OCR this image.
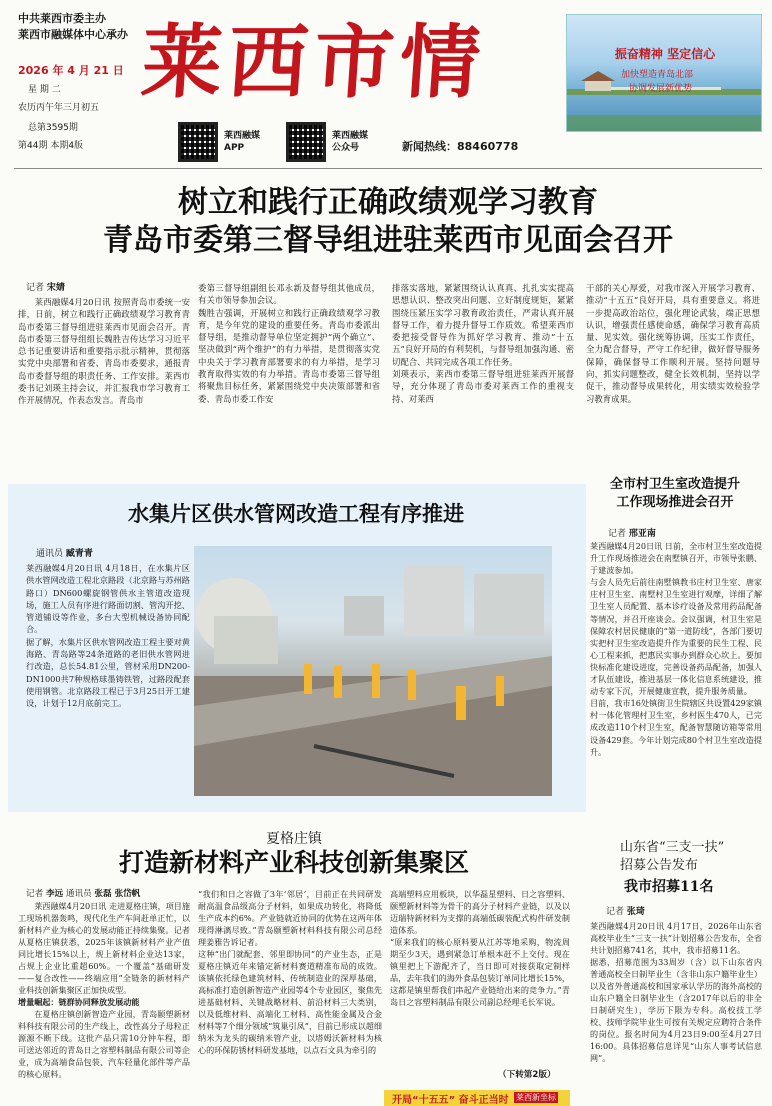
中共莱西市委主办
莱西市融媒体中心承办
2026 年 4 月 21 日
星 期 二
农历丙午年三月初五
总第3595期
第44期 本期4版
莱西市情
莱西融媒
APP
莱西融媒
公众号	新闻热线：88460778
振奋精神 坚定信心
加快塑造青岛北部
协调发展新优势
树立和践行正确政绩观学习教育
青岛市委第三督导组进驻莱西市见面会召开
记者 宋婧
莱西融媒4月20日讯 按照青岛市委统一安排，日前，树立和践行正确政绩观学习教育青岛市委第三督导组进驻莱西市见面会召开。青岛市委第三督导组组长魏胜吉传达学习习近平总书记重要讲话和重要指示批示精神，贯彻落实党中央部署和省委、青岛市委要求，通报青岛市委督导组的职责任务、工作安排。莱西市委书记刘瑛主持会议，并汇报我市学习教育工作开展情况，作表态发言。青岛市
委第三督导组副组长邓永新及督导组其他成员，有关市领导参加会议。
魏胜吉强调，开展树立和践行正确政绩观学习教育，是今年党的建设的重要任务。青岛市委派出督导组，是推动督导单位坚定拥护“两个确立”、坚决做到“两个维护”的有力举措，是贯彻落实党中央关于学习教育部署要求的有力举措，是学习教育取得实效的有力举措。青岛市委第三督导组将聚焦目标任务，紧紧围绕党中央决策部署和省委、青岛市委工作安
排落实落地，紧紧围绕认认真真、扎扎实实提高思想认识、整改突出问题、立好制度规矩，紧紧围绕压紧压实学习教育政治责任，严肃认真开展督导工作，着力提升督导工作质效。希望莱西市委把接受督导作为抓好学习教育、推动“十五五”良好开局的有利契机，与督导组加强沟通、密切配合、共同完成各项工作任务。
刘瑛表示，莱西市委第三督导组进驻莱西开展督导，充分体现了青岛市委对莱西工作的重视支持、对莱西
干部的关心厚爱，对我市深入开展学习教育、推动“十五五”良好开局，具有重要意义。将进一步提高政治站位，强化理论武装，端正思想认识，增强责任感使命感，确保学习教育高质量、见实效。强化统筹协调，压实工作责任，全力配合督导，严守工作纪律，做好督导服务保障，确保督导工作顺利开展。坚持问题导向，抓实问题整改，健全长效机制，坚持以学促干，推动督导成果转化，用实绩实效检验学习教育成果。
水集片区供水管网改造工程有序推进
通讯员 臧青青
莱西融媒4月20日讯 4月18日，在水集片区供水管网改造工程北京路段（北京路与苏州路路口）DN600螺旋钢管供水主管道改造现场，施工人员有序进行路面切割、管沟开挖、管道铺设等作业，多台大型机械设备协同配合。
据了解，水集片区供水管网改造工程主要对黄海路、青岛路等24条道路的老旧供水管网进行改造，总长54.81公里，管材采用DN200-DN1000共7种规格球墨铸铁管，过路段配套使用钢管。北京路段工程已于3月25日开工建设，计划于12月底前完工。
全市村卫生室改造提升
工作现场推进会召开
记者 邢亚南
莱西融媒4月20日讯 日前，全市村卫生室改造提升工作现场推进会在南墅镇召开，市领导张鹏、于建波参加。
与会人员先后前往南墅镇教书庄村卫生室、唐家庄村卫生室、南墅村卫生室进行观摩，详细了解卫生室人员配置、基本诊疗设备及常用药品配备等情况，并召开座谈会。会议强调，村卫生室是保障农村居民健康的“第一道防线”，各部门要切实把村卫生室改造提升作为重要的民生工程、民心工程来抓，把惠民实事办到群众心坎上。要加快标准化建设进度，完善设备药品配备，加强人才队伍建设，推进基层一体化信息系统建设，推动专家下沉，开展健康宣教，提升服务质量。
目前，我市16处镇街卫生院辖区共设置429家镇村一体化管理村卫生室，乡村医生470人，已完成改造110个村卫生室，配备智慧随访箱等常用设备429套。今年计划完成80个村卫生室改造提升。
夏格庄镇
打造新材料产业科技创新集聚区
记者 李远 通讯员 张磊 张岱帆
莱西融媒4月20日讯 走进夏格庄镇，项目施工现场机器轰鸣，现代化生产车间赶单正忙，以新材料产业为核心的发展动能正持续集聚。记者从夏格庄镇获悉，2025年该镇新材料产业产值同比增长15%以上，规上新材料企业达13家，占规上企业比重超60%。一个覆盖“基础研发——复合改性——终端应用”全链条的新材料产业科技创新集聚区正加快成型。
增量崛起：链群协同释放发展动能
在夏格庄镇创新智造产业园，青岛颐塑新材料科技有限公司的生产线上，改性高分子母粒正源源不断下线。这批产品只需10分钟车程，即可送达邻近的青岛日之容塑料制品有限公司等企业，成为高端食品包装、汽车轻量化部件等产品的核心原料。
“我们和日之容做了3年‘邻居’，目前正在共同研发耐高温食品级高分子材料，如果成功转化，将降低生产成本约6%。产业链就近协同的优势在这两年体现得淋漓尽致。”青岛颐塑新材料科技有限公司总经理姜雅告诉记者。
这种“出门就配套、邻里即协同”的产业生态，正是夏格庄镇近年来锚定新材料赛道精准布局的成效。该镇依托绿色建筑材料、传统制造业的深厚基础，高标准打造创新智造产业园等4个专业园区，聚焦先进基础材料、关键战略材料、前沿材料三大类别，以及低维材料、高端化工材料、高性能金属及合金材料等7个细分领域“筑巢引凤”，目前已形成以超细纳米为龙头的碳纳米管产业，以塔姆沃新材料为核心的环保防锈材料研发基地，以点石文具为牵引的
高端塑料应用板块，以华磊星塑料、日之容塑料、颐塑新材料等为骨干的高分子材料产业链，以及以迈瑞特新材料为支撑的高端低碳装配式构件研发制造体系。
“原来我们的核心原料要从江苏等地采购，物流周期至少3天，遇到紧急订单根本赶不上交付。现在镇里把上下游配齐了，当日即可对接获取定制样品，去年我们的海外食品包装订单同比增长15%，这都是镇里帮我们串起产业链给出来的竞争力。”青岛日之容塑料制品有限公司副总经理毛长军说。
（下转第2版）
开局“十五五” 奋斗正当时 莱西新坐标
山东省“三支一扶”
招募公告发布
我市招募11名
记者 张琦
莱西融媒4月20日讯 4月17日，2026年山东省高校毕业生“三支一扶”计划招募公告发布，全省共计划招募741名，其中，我市招募11名。
据悉，招募范围为33周岁（含）以下山东省内普通高校全日制毕业生（含非山东户籍毕业生）以及省外普通高校和国家承认学历的海外高校的山东户籍全日制毕业生（含2017年以后的非全日制研究生），学历下限为专科。高校技工学校、技师学院毕业生可按有关规定应聘符合条件的岗位。报名时间为4月23日9:00至4月27日16:00。具体招募信息详见“山东人事考试信息网”。
